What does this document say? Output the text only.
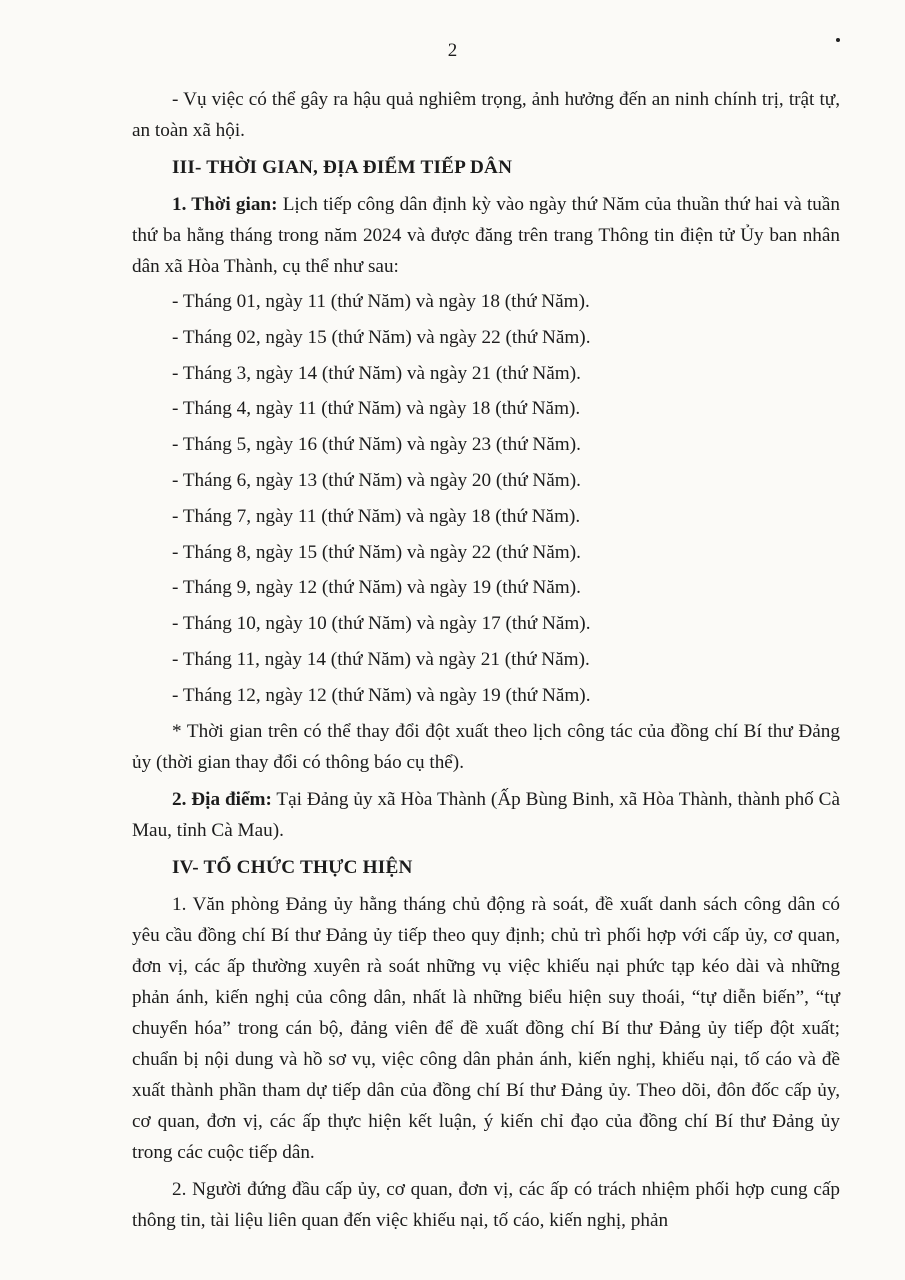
2

- Vụ việc có thể gây ra hậu quả nghiêm trọng, ảnh hưởng đến an ninh chính trị, trật tự, an toàn xã hội.

III- THỜI GIAN, ĐỊA ĐIỂM TIẾP DÂN

1. Thời gian: Lịch tiếp công dân định kỳ vào ngày thứ Năm của thuần thứ hai và tuần thứ ba hằng tháng trong năm 2024 và được đăng trên trang Thông tin điện tử Ủy ban nhân dân xã Hòa Thành, cụ thể như sau:

- Tháng 01, ngày 11 (thứ Năm) và ngày 18 (thứ Năm).
- Tháng 02, ngày 15 (thứ Năm) và ngày 22 (thứ Năm).
- Tháng 3, ngày 14 (thứ Năm) và ngày 21 (thứ Năm).
- Tháng 4, ngày 11 (thứ Năm) và ngày 18 (thứ Năm).
- Tháng 5, ngày 16 (thứ Năm) và ngày 23 (thứ Năm).
- Tháng 6, ngày 13 (thứ Năm) và ngày 20 (thứ Năm).
- Tháng 7, ngày 11 (thứ Năm) và ngày 18 (thứ Năm).
- Tháng 8, ngày 15 (thứ Năm) và ngày 22 (thứ Năm).
- Tháng 9, ngày 12 (thứ Năm) và ngày 19 (thứ Năm).
- Tháng 10, ngày 10 (thứ Năm) và ngày 17 (thứ Năm).
- Tháng 11, ngày 14 (thứ Năm) và ngày 21 (thứ Năm).
- Tháng 12, ngày 12 (thứ Năm) và ngày 19 (thứ Năm).

* Thời gian trên có thể thay đổi đột xuất theo lịch công tác của đồng chí Bí thư Đảng ủy (thời gian thay đổi có thông báo cụ thể).

2. Địa điểm: Tại Đảng ủy xã Hòa Thành (Ấp Bùng Binh, xã Hòa Thành, thành phố Cà Mau, tỉnh Cà Mau).

IV- TỔ CHỨC THỰC HIỆN

1. Văn phòng Đảng ủy hằng tháng chủ động rà soát, đề xuất danh sách công dân có yêu cầu đồng chí Bí thư Đảng ủy tiếp theo quy định; chủ trì phối hợp với cấp ủy, cơ quan, đơn vị, các ấp thường xuyên rà soát những vụ việc khiếu nại phức tạp kéo dài và những phản ánh, kiến nghị của công dân, nhất là những biểu hiện suy thoái, “tự diễn biến”, “tự chuyển hóa” trong cán bộ, đảng viên để đề xuất đồng chí Bí thư Đảng ủy tiếp đột xuất; chuẩn bị nội dung và hồ sơ vụ, việc công dân phản ánh, kiến nghị, khiếu nại, tố cáo và đề xuất thành phần tham dự tiếp dân của đồng chí Bí thư Đảng ủy. Theo dõi, đôn đốc cấp ủy, cơ quan, đơn vị, các ấp thực hiện kết luận, ý kiến chỉ đạo của đồng chí Bí thư Đảng ủy trong các cuộc tiếp dân.

2. Người đứng đầu cấp ủy, cơ quan, đơn vị, các ấp có trách nhiệm phối hợp cung cấp thông tin, tài liệu liên quan đến việc khiếu nại, tố cáo, kiến nghị, phản
